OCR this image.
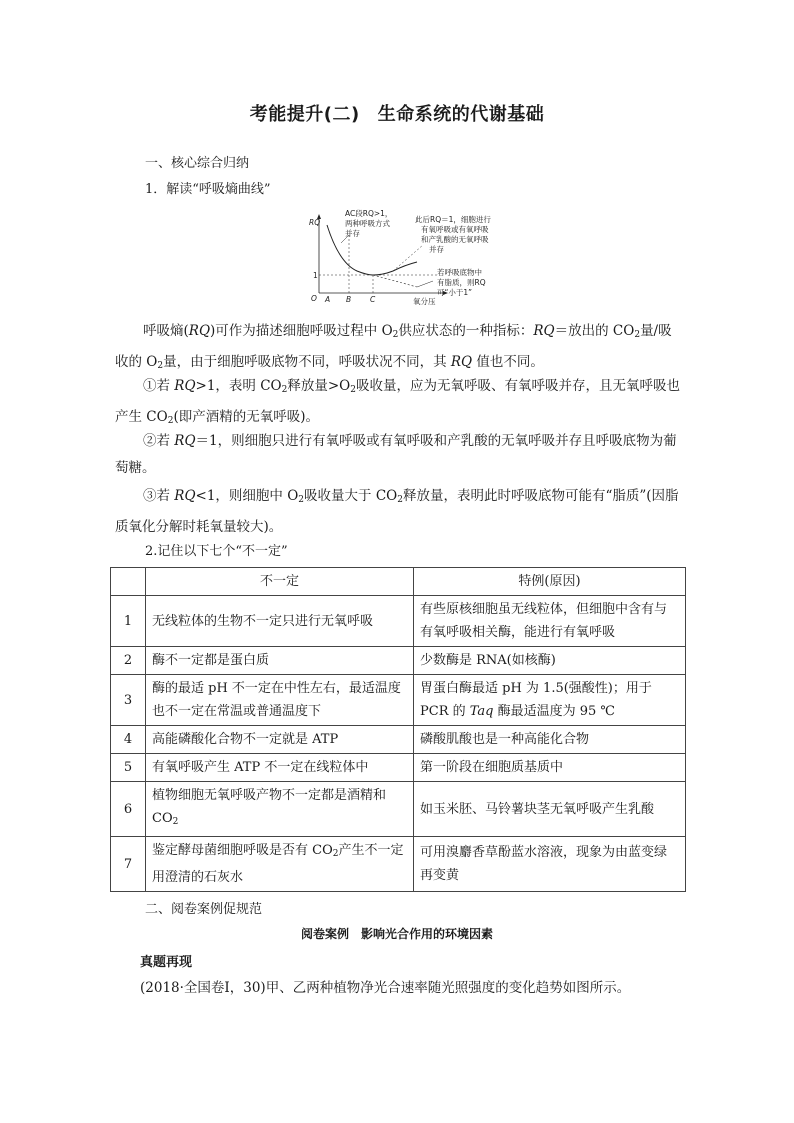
考能提升(二) 生命系统的代谢基础
一、核心综合归纳
1．解读“呼吸熵曲线”
RQ
1
O A B	C	氧分压
AC段RQ>1，
两种呼吸方式
并存
此后RQ＝1，细胞进行
有氧呼吸或有氧呼吸
和产乳酸的无氧呼吸
并存
若呼吸底物中
有脂质，则RQ
可“小于1”
呼吸熵(RQ)可作为描述细胞呼吸过程中 $O_2$供应状态的一种指标：RQ＝放出的 $CO_2$量/吸收的 $O_2$量，由于细胞呼吸底物不同，呼吸状况不同，其 RQ 值也不同。
①若 RQ>1，表明 $CO_2$释放量$>O_2$吸收量，应为无氧呼吸、有氧呼吸并存，且无氧呼吸也产生 $CO_2$(即产酒精的无氧呼吸)。
②若 RQ＝1，则细胞只进行有氧呼吸或有氧呼吸和产乳酸的无氧呼吸并存且呼吸底物为葡萄糖。
③若 RQ<1，则细胞中 $O_2$吸收量大于 $CO_2$释放量，表明此时呼吸底物可能有“脂质”(因脂质氧化分解时耗氧量较大)。
2.记住以下七个“不一定”
	不一定	特例(原因)
1	无线粒体的生物不一定只进行无氧呼吸	有些原核细胞虽无线粒体，但细胞中含有与有氧呼吸相关酶，能进行有氧呼吸
2	酶不一定都是蛋白质	少数酶是 RNA(如核酶)
3	酶的最适 pH 不一定在中性左右，最适温度也不一定在常温或普通温度下	胃蛋白酶最适 pH 为 1.5(强酸性)；用于 PCR 的 Taq 酶最适温度为 95 ℃
4	高能磷酸化合物不一定就是 ATP	磷酸肌酸也是一种高能化合物
5	有氧呼吸产生 ATP 不一定在线粒体中	第一阶段在细胞质基质中
6	植物细胞无氧呼吸产物不一定都是酒精和 $CO_2$	如玉米胚、马铃薯块茎无氧呼吸产生乳酸
7	鉴定酵母菌细胞呼吸是否有 $CO_2$产生不一定用澄清的石灰水	可用溴麝香草酚蓝水溶液，现象为由蓝变绿再变黄
二、阅卷案例促规范
阅卷案例　影响光合作用的环境因素
真题再现
(2018·全国卷Ⅰ，30)甲、乙两种植物净光合速率随光照强度的变化趋势如图所示。
